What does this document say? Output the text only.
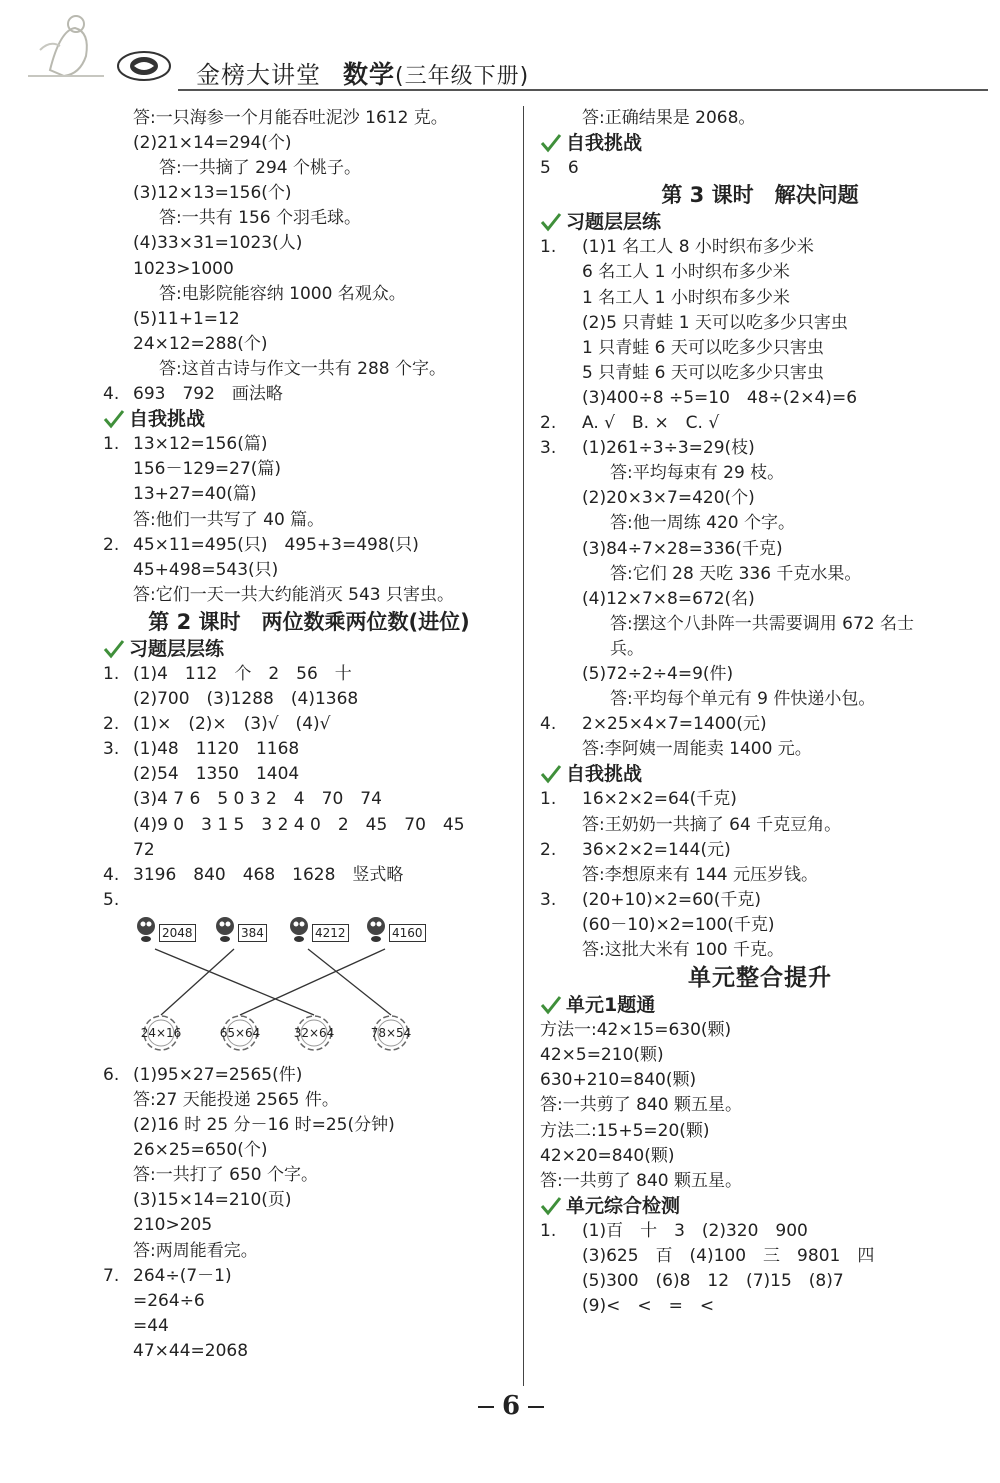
金榜大讲堂 数学(三年级下册)
答:一只海参一个月能吞吐泥沙 1612 克。
(2)21×14=294(个)
答:一共摘了 294 个桃子。
(3)12×13=156(个)
答:一共有 156 个羽毛球。
(4)33×31=1023(人)
1023>1000
答:电影院能容纳 1000 名观众。
(5)11+1=12
24×12=288(个)
答:这首古诗与作文一共有 288 个字。
4. 693　792　画法略
自我挑战
1. 13×12=156(篇)
156－129=27(篇)
13+27=40(篇)
答:他们一共写了 40 篇。
2. 45×11=495(只)　495+3=498(只)
45+498=543(只)
答:它们一天一共大约能消灭 543 只害虫。
第 2 课时　两位数乘两位数(进位)
习题层层练
1. (1)4　112　个　2　56　十
(2)700　(3)1288　(4)1368
2. (1)×　(2)×　(3)√　(4)√
3. (1)48　1120　1168
(2)54　1350　1404
(3)4 7 6　5 0 3 2　4　70　74
(4)9 0　3 1 5　3 2 4 0　2　45　70　45
72
4. 3196　840　468　1628　竖式略
5.
2048	384	4212	4160
24×16	65×64	32×64	78×54
6. (1)95×27=2565(件)
答:27 天能投递 2565 件。
(2)16 时 25 分－16 时=25(分钟)
26×25=650(个)
答:一共打了 650 个字。
(3)15×14=210(页)
210>205
答:两周能看完。
7. 264÷(7－1)
=264÷6
=44
47×44=2068
答:正确结果是 2068。
自我挑战
5　6
第 3 课时　解决问题
习题层层练
1. (1)1 名工人 8 小时织布多少米
6 名工人 1 小时织布多少米
1 名工人 1 小时织布多少米
(2)5 只青蛙 1 天可以吃多少只害虫
1 只青蛙 6 天可以吃多少只害虫
5 只青蛙 6 天可以吃多少只害虫
(3)400÷8 ÷5=10　48÷(2×4)=6
2. A. √　B. ×　C. √
3. (1)261÷3÷3=29(枝)
答:平均每束有 29 枝。
(2)20×3×7=420(个)
答:他一周练 420 个字。
(3)84÷7×28=336(千克)
答:它们 28 天吃 336 千克水果。
(4)12×7×8=672(名)
答:摆这个八卦阵一共需要调用 672 名士
兵。
(5)72÷2÷4=9(件)
答:平均每个单元有 9 件快递小包。
4. 2×25×4×7=1400(元)
答:李阿姨一周能卖 1400 元。
自我挑战
1. 16×2×2=64(千克)
答:王奶奶一共摘了 64 千克豆角。
2. 36×2×2=144(元)
答:李想原来有 144 元压岁钱。
3. (20+10)×2=60(千克)
(60－10)×2=100(千克)
答:这批大米有 100 千克。
单元整合提升
单元1题通
方法一:42×15=630(颗)
42×5=210(颗)
630+210=840(颗)
答:一共剪了 840 颗五星。
方法二:15+5=20(颗)
42×20=840(颗)
答:一共剪了 840 颗五星。
单元综合检测
1. (1)百　十　3　(2)320　900
(3)625　百　(4)100　三　9801　四
(5)300　(6)8　12　(7)15　(8)7
(9)<　<　=　<
6
